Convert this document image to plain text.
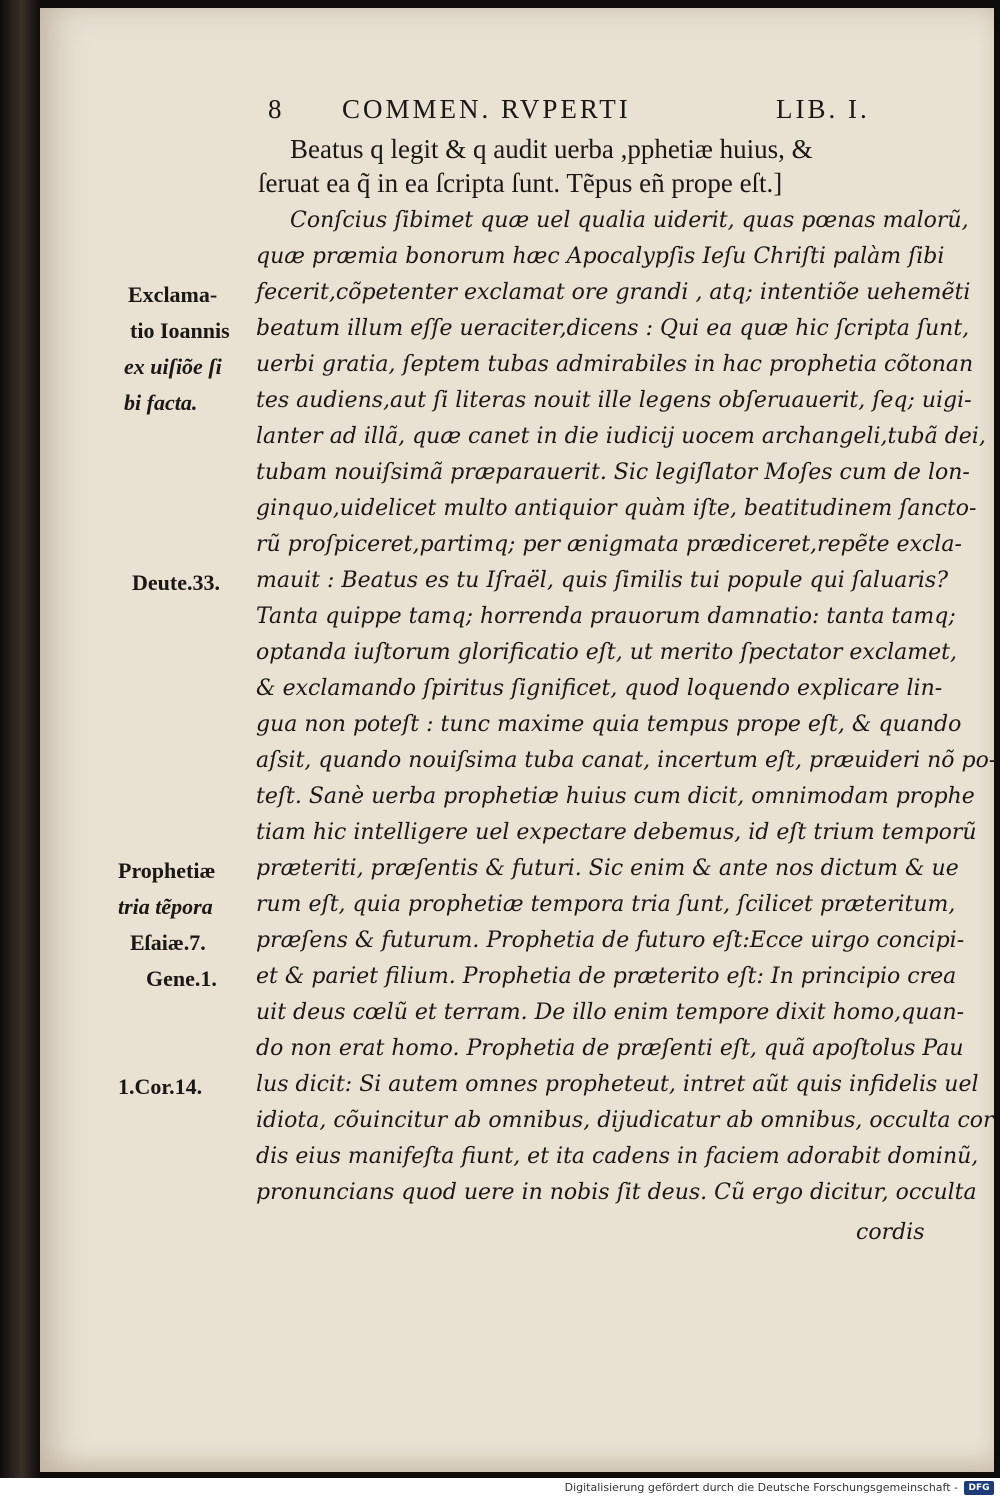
8 COMMEN. RVPERTI	LIB. I.
Beatus q legit & q audit uerba ,pphetiæ huius, &
ſeruat ea q̃ in ea ſcripta ſunt. Tẽpus eñ prope eſt.]
Conſcius ſibimet quæ uel qualia uiderit, quas pœnas malorũ,
quæ præmia bonorum hæc Apocalypſis Ieſu Chriſti palàm ſibi
fecerit,cõpetenter exclamat ore grandi , atq; intentiõe uehemẽti
beatum illum eſſe ueraciter,dicens : Qui ea quæ hic ſcripta ſunt,
uerbi gratia, ſeptem tubas admirabiles in hac prophetia cõtonan
tes audiens,aut ſi literas nouit ille legens obſeruauerit, ſeq; uigi-
lanter ad illã, quæ canet in die iudicij uocem archangeli,tubã dei,
tubam nouiſsimã præparauerit. Sic legiſlator Moſes cum de lon-
ginquo,uidelicet multo antiquior quàm iſte, beatitudinem ſancto-
rũ proſpiceret,partimq; per ænigmata prædiceret,repẽte excla-
mauit : Beatus es tu Iſraël, quis ſimilis tui popule qui ſaluaris?
Tanta quippe tamq; horrenda prauorum damnatio: tanta tamq;
optanda iuſtorum glorificatio eſt, ut merito ſpectator exclamet,
& exclamando ſpiritus ſignificet, quod loquendo explicare lin-
gua non poteſt : tunc maxime quia tempus prope eſt, & quando
aſsit, quando nouiſsima tuba canat, incertum eſt, præuideri nõ po-
teſt. Sanè uerba prophetiæ huius cum dicit, omnimodam prophe
tiam hic intelligere uel expectare debemus, id eſt trium temporũ
præteriti, præſentis & futuri. Sic enim & ante nos dictum & ue
rum eſt, quia prophetiæ tempora tria ſunt, ſcilicet præteritum,
præſens & futurum. Prophetia de futuro eſt:Ecce uirgo concipi-
et & pariet filium. Prophetia de præterito eſt: In principio crea
uit deus cœlũ et terram. De illo enim tempore dixit homo,quan-
do non erat homo. Prophetia de præſenti eſt, quã apoſtolus Pau
lus dicit: Si autem omnes propheteut, intret aũt quis infidelis uel
idiota, cõuincitur ab omnibus, dijudicatur ab omnibus, occulta cor
dis eius manifeſta fiunt, et ita cadens in faciem adorabit dominũ,
pronuncians quod uere in nobis ſit deus. Cũ ergo dicitur, occulta
cordis
Exclama-
tio Ioannis
ex uiſiõe ſi
bi facta.
Deute.33.
Prophetiæ
tria tẽpora
Eſaiæ.7.
Gene.1.
1.Cor.14.
Digitalisierung gefördert durch die Deutsche Forschungsgemeinschaft -	DFG
